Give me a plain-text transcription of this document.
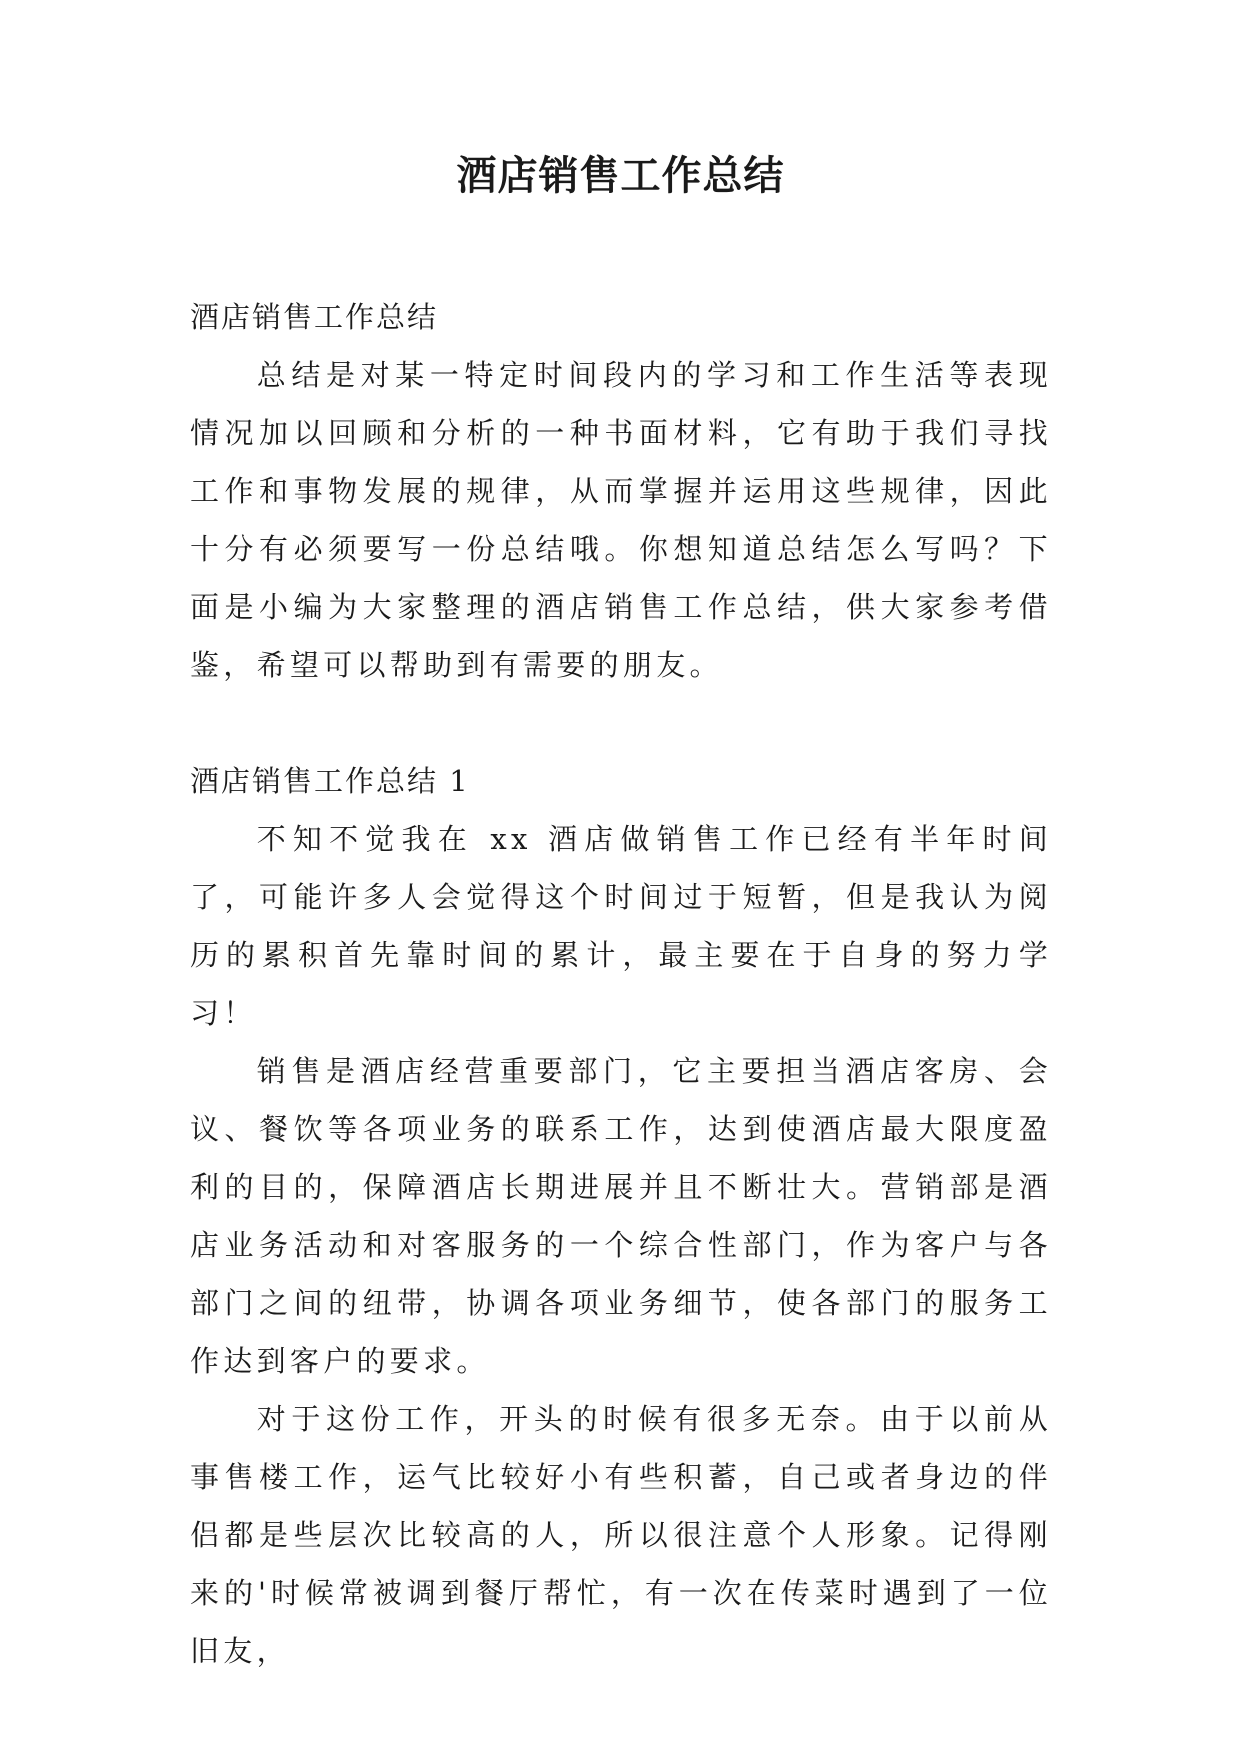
酒店销售工作总结

酒店销售工作总结

总结是对某一特定时间段内的学习和工作生活等表现情况加以回顾和分析的一种书面材料，它有助于我们寻找工作和事物发展的规律，从而掌握并运用这些规律，因此十分有必须要写一份总结哦。你想知道总结怎么写吗？下面是小编为大家整理的酒店销售工作总结，供大家参考借鉴，希望可以帮助到有需要的朋友。

酒店销售工作总结 1

不知不觉我在 xx 酒店做销售工作已经有半年时间了，可能许多人会觉得这个时间过于短暂，但是我认为阅历的累积首先靠时间的累计，最主要在于自身的努力学习！

销售是酒店经营重要部门，它主要担当酒店客房、会议、餐饮等各项业务的联系工作，达到使酒店最大限度盈利的目的，保障酒店长期进展并且不断壮大。营销部是酒店业务活动和对客服务的一个综合性部门，作为客户与各部门之间的纽带，协调各项业务细节，使各部门的服务工作达到客户的要求。

对于这份工作，开头的时候有很多无奈。由于以前从事售楼工作，运气比较好小有些积蓄，自己或者身边的伴侣都是些层次比较高的人，所以很注意个人形象。记得刚来的'时候常被调到餐厅帮忙，有一次在传菜时遇到了一位旧友，
